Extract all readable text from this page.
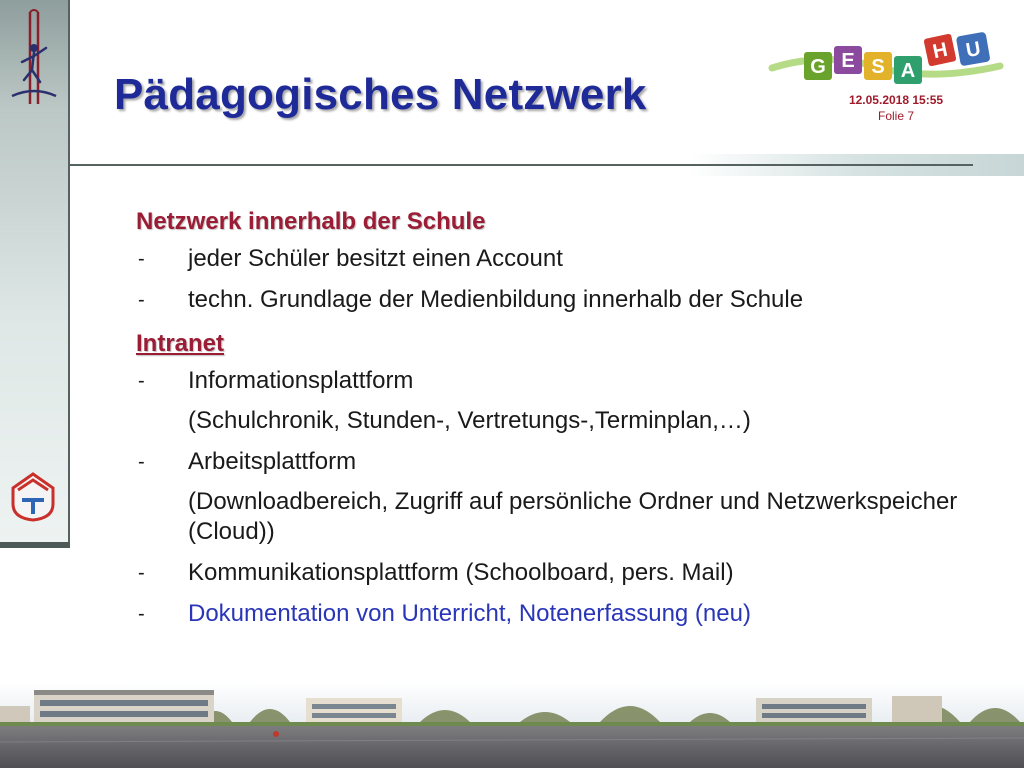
Pädagogisches Netzwerk
G E S A
H U
12.05.2018 15:55
Folie 7
Netzwerk innerhalb der Schule
-	jeder Schüler besitzt einen Account
-	techn. Grundlage der Medienbildung innerhalb der Schule
Intranet
-	Informationsplattform
(Schulchronik, Stunden-, Vertretungs-,Terminplan,…)
-	Arbeitsplattform
(Downloadbereich, Zugriff auf persönliche Ordner und Netzwerkspeicher (Cloud))
-	Kommunikationsplattform (Schoolboard, pers. Mail)
-	Dokumentation von Unterricht, Notenerfassung (neu)
